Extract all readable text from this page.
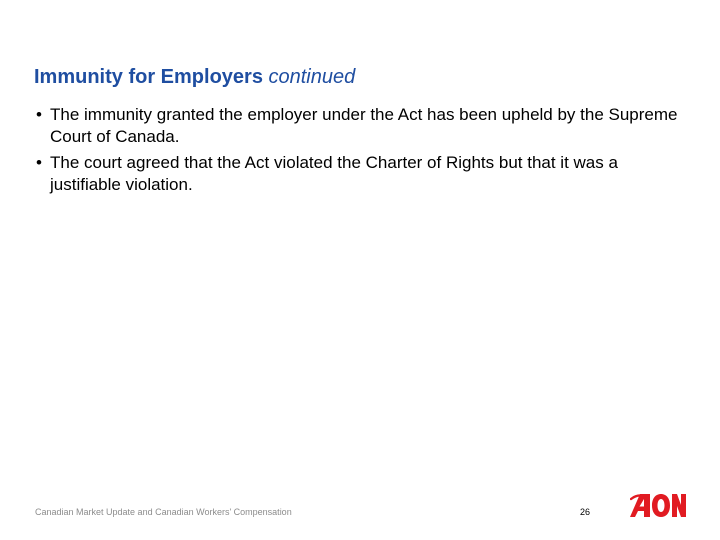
Immunity for Employers continued
• The immunity granted the employer under the Act has been upheld by the Supreme Court of Canada.
• The court agreed that the Act violated the Charter of Rights but that it was a justifiable violation.
Canadian Market Update and Canadian Workers' Compensation	26
